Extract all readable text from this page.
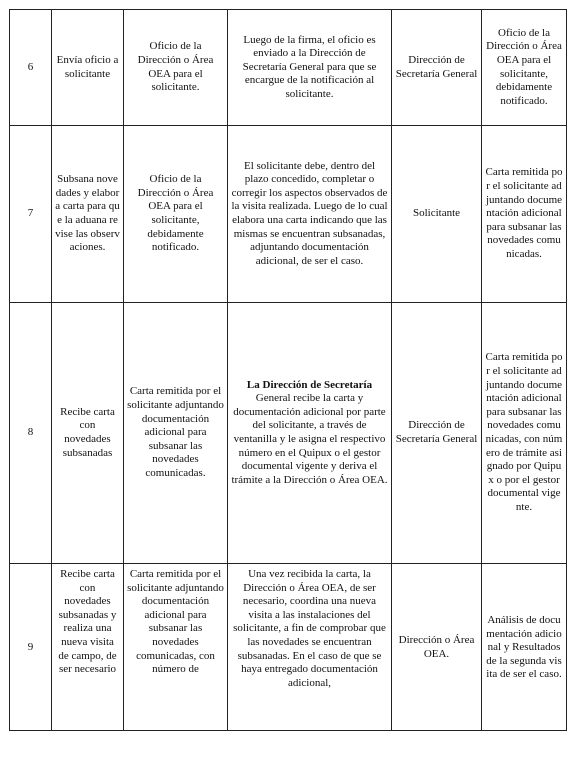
6	Envía oficio a solicitante	Oficio de la Dirección o Área OEA para el solicitante.	Luego de la firma, el oficio es enviado a la Dirección de Secretaría General para que se encargue de la notificación al solicitante.	Dirección de Secretaría General	Oficio de la Dirección o Área OEA para el solicitante, debidamente notificado.
7	Subsana novedades y elabora carta para que la aduana revise las observaciones.	Oficio de la Dirección o Área OEA para el solicitante, debidamente notificado.	El solicitante debe, dentro del plazo concedido, completar o corregir los aspectos observados de la visita realizada. Luego de lo cual elabora una carta indicando que las mismas se encuentran subsanadas, adjuntando documentación adicional, de ser el caso.	Solicitante	Carta remitida por el solicitante adjuntando documentación adicional para subsanar las novedades comunicadas.
8	Recibe carta con novedades subsanadas	Carta remitida por el solicitante adjuntando documentación adicional para subsanar las novedades comunicadas.	La Dirección de Secretaría General recibe la carta y documentación adicional por parte del solicitante, a través de ventanilla y le asigna el respectivo número en el Quipux o el gestor documental vigente y deriva el trámite a la Dirección o Área OEA.	Dirección de Secretaría General	Carta remitida por el solicitante adjuntando documentación adicional para subsanar las novedades comunicadas, con número de trámite asignado por Quipux o por el gestor documental vigente.
9	Recibe carta con novedades subsanadas y realiza una nueva visita de campo, de ser necesario	Carta remitida por el solicitante adjuntando documentación adicional para subsanar las novedades comunicadas, con número de	Una vez recibida la carta, la Dirección o Área OEA, de ser necesario, coordina una nueva visita a las instalaciones del solicitante, a fin de comprobar que las novedades se encuentran subsanadas. En el caso de que se haya entregado documentación adicional,	Dirección o Área OEA.	Análisis de documentación adicional y Resultados de la segunda visita de ser el caso.
